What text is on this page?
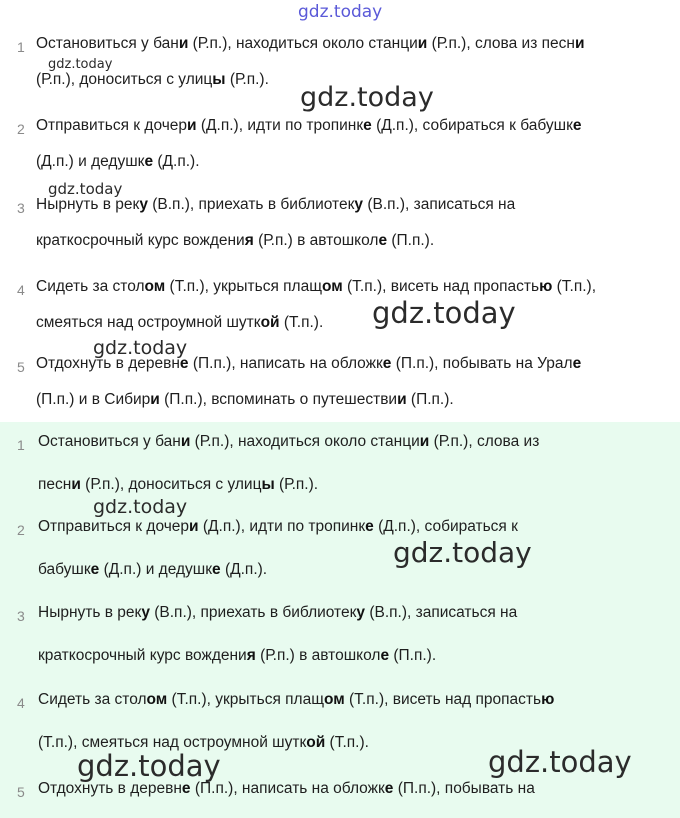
1 Остановиться у бани (Р.п.), находиться около станции (Р.п.), слова из песни
(Р.п.), доноситься с улицы (Р.п.).
2 Отправиться к дочери (Д.п.), идти по тропинке (Д.п.), собираться к бабушке
(Д.п.) и дедушке (Д.п.).
3 Нырнуть в реку (В.п.), приехать в библиотеку (В.п.), записаться на
краткосрочный курс вождения (Р.п.) в автошколе (П.п.).
4 Сидеть за столом (Т.п.), укрыться плащом (Т.п.), висеть над пропастью (Т.п.),
смеяться над остроумной шуткой (Т.п.).
5 Отдохнуть в деревне (П.п.), написать на обложке (П.п.), побывать на Урале
(П.п.) и в Сибири (П.п.), вспоминать о путешествии (П.п.).
1 Остановиться у бани (Р.п.), находиться около станции (Р.п.), слова из
песни (Р.п.), доноситься с улицы (Р.п.).
2 Отправиться к дочери (Д.п.), идти по тропинке (Д.п.), собираться к
бабушке (Д.п.) и дедушке (Д.п.).
3 Нырнуть в реку (В.п.), приехать в библиотеку (В.п.), записаться на
краткосрочный курс вождения (Р.п.) в автошколе (П.п.).
4 Сидеть за столом (Т.п.), укрыться плащом (Т.п.), висеть над пропастью
(Т.п.), смеяться над остроумной шуткой (Т.п.).
5 Отдохнуть в деревне (П.п.), написать на обложке (П.п.), побывать на
gdz.today
gdz.today
gdz.today
gdz.today
gdz.today
gdz.today
gdz.today
gdz.today
gdz.today	gdz.today
